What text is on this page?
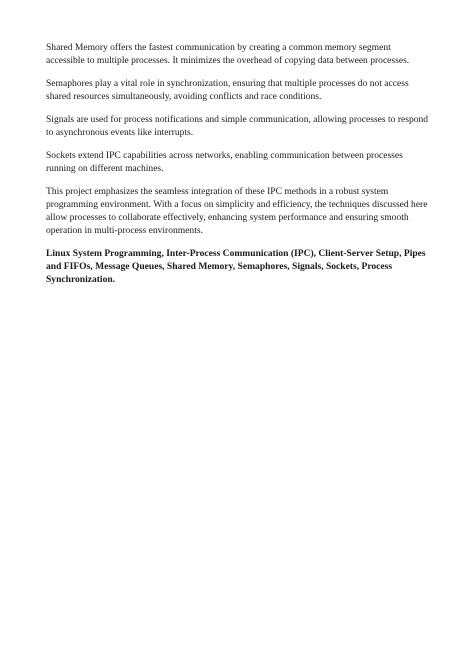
Shared Memory offers the fastest communication by creating a common memory segment accessible to multiple processes. It minimizes the overhead of copying data between processes.

Semaphores play a vital role in synchronization, ensuring that multiple processes do not access shared resources simultaneously, avoiding conflicts and race conditions.

Signals are used for process notifications and simple communication, allowing processes to respond to asynchronous events like interrupts.

Sockets extend IPC capabilities across networks, enabling communication between processes running on different machines.

This project emphasizes the seamless integration of these IPC methods in a robust system programming environment. With a focus on simplicity and efficiency, the techniques discussed here allow processes to collaborate effectively, enhancing system performance and ensuring smooth operation in multi-process environments.

Linux System Programming, Inter-Process Communication (IPC), Client-Server Setup, Pipes and FIFOs, Message Queues, Shared Memory, Semaphores, Signals, Sockets, Process Synchronization.
